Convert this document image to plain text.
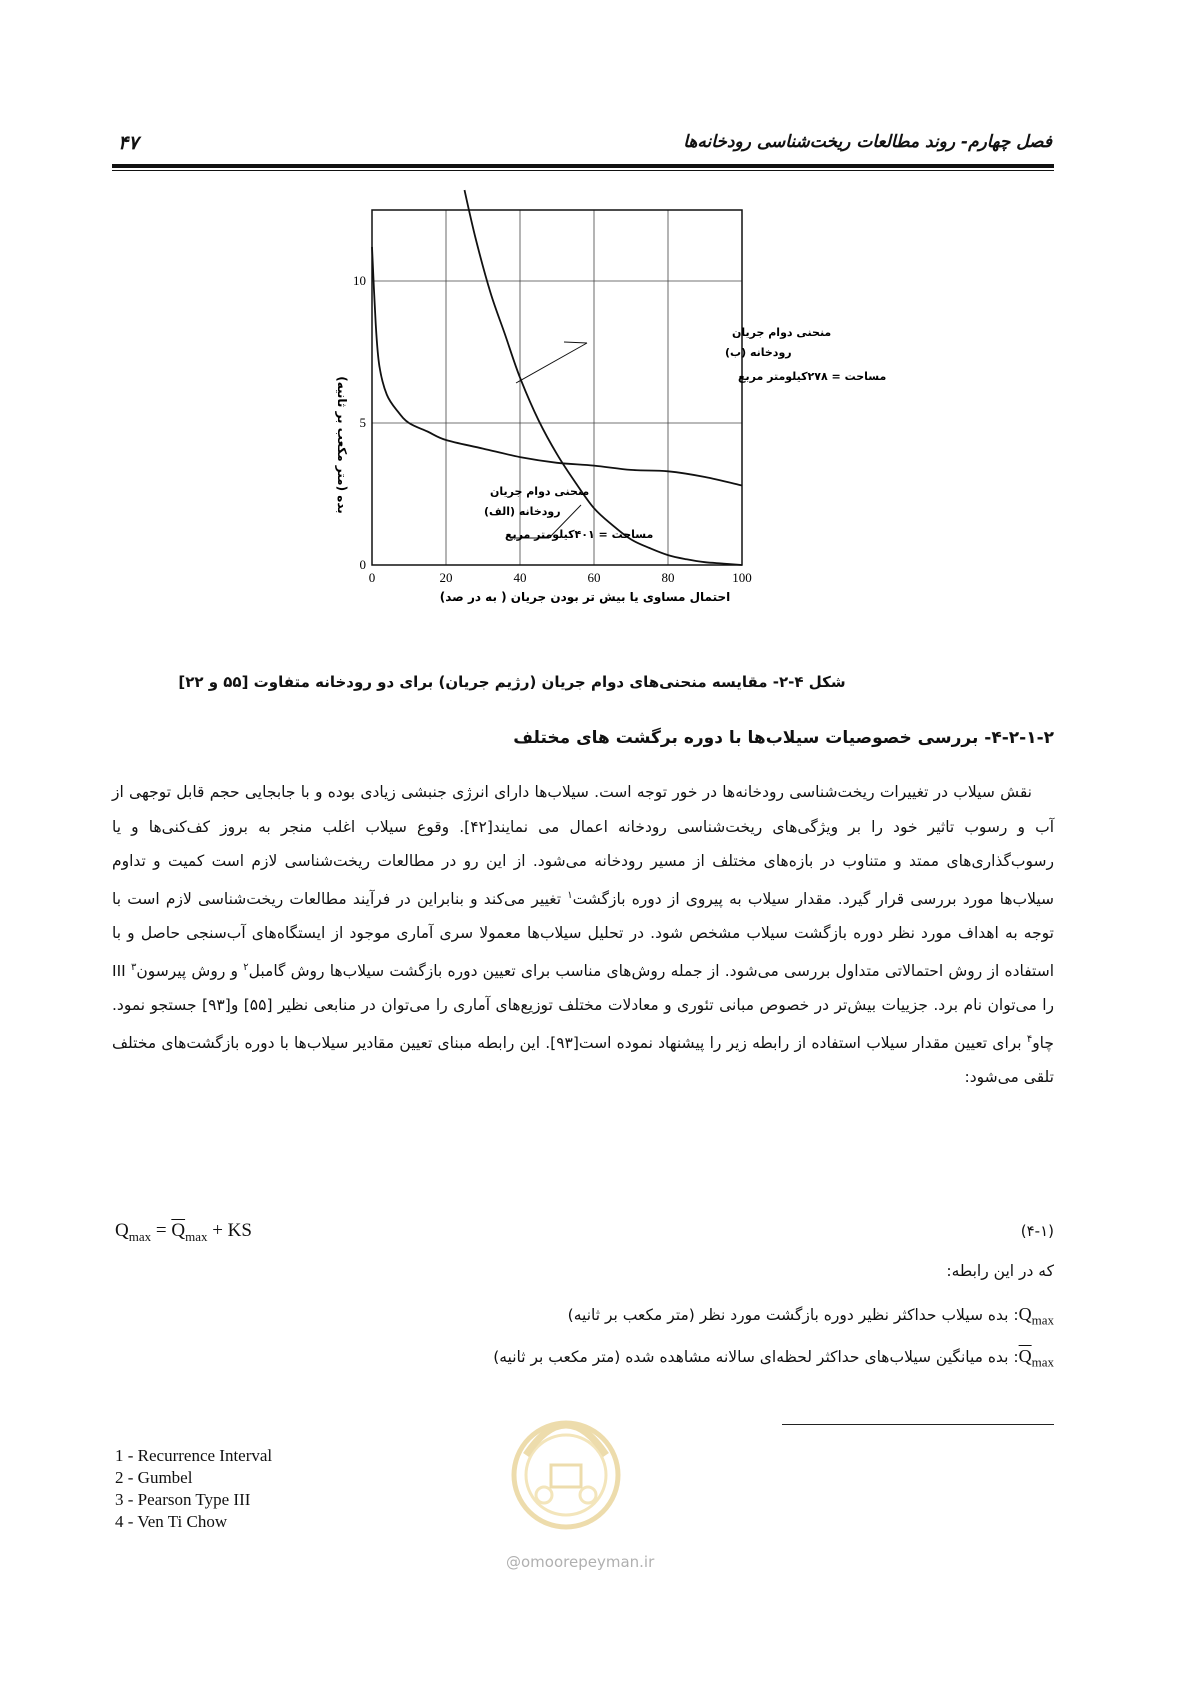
۴۷	فصل چهارم- روند مطالعات ریخت‌شناسی رودخانه‌ها
0	20	40	60	80	100
0
5
10
بده (متر مکعب بر ثانیه)
احتمال مساوی یا بیش تر بودن جریان ( به در صد)
منحنی دوام جریان
رودخانه (ب)
مساحت = ۲۷۸کیلومتر مربع
منحنی دوام جریان
رودخانه (الف)
مساحت = ۴۰۱کیلومتر مربع
شکل ۴-۲- مقایسه منحنی‌های دوام جریان (رژیم جریان) برای دو رودخانه متفاوت [۵۵ و ۲۲]
۴-۲-۱-۲- بررسی خصوصیات سیلاب‌ها با دوره برگشت های مختلف

نقش سیلاب در تغییرات ریخت‌شناسی رودخانه‌ها در خور توجه است. سیلاب‌ها دارای انرژی جنبشی زیادی بوده و با جابجایی حجم قابل توجهی از آب و رسوب تاثیر خود را بر ویژگی‌های ریخت‌شناسی رودخانه اعمال می نمایند[۴۲]. وقوع سیلاب اغلب منجر به بروز کف‌کنی‌ها و یا رسوب‌گذاری‌های ممتد و متناوب در بازه‌های مختلف از مسیر رودخانه می‌شود. از این رو در مطالعات ریخت‌شناسی لازم است کمیت و تداوم سیلاب‌ها مورد بررسی قرار گیرد. مقدار سیلاب به پیروی از دوره بازگشت$^۱$ تغییر می‌کند و بنابراین در فرآیند مطالعات ریخت‌شناسی لازم است با توجه به اهداف مورد نظر دوره بازگشت سیلاب مشخص شود. در تحلیل سیلاب‌ها معمولا سری آماری موجود از ایستگاه‌های آب‌سنجی حاصل و با استفاده از روش احتمالاتی متداول بررسی می‌شود. از جمله روش‌های مناسب برای تعیین دوره بازگشت سیلاب‌ها روش گامبل$^۲$ و روش پیرسون$^۳$ III را می‌توان نام برد. جزییات بیش‌تر در خصوص مبانی تئوری و معادلات مختلف توزیع‌های آماری را می‌توان در منابعی نظیر [۵۵] و[۹۳] جستجو نمود. چاو$^۴$ برای تعیین مقدار سیلاب استفاده از رابطه زیر را پیشنهاد نموده است[۹۳]. این رابطه مبنای تعیین مقادیر سیلاب‌ها با دوره بازگشت‌های مختلف تلقی می‌شود:

$Q_{max} = \overline{Q}_{max}$ + KS	(۴-۱)
که در این رابطه:
$Q_{max}$: بده سیلاب حداکثر نظیر دوره بازگشت مورد نظر (متر مکعب بر ثانیه)
$\overline{Q}_{max}$: بده میانگین سیلاب‌های حداکثر لحظه‌ای سالانه مشاهده شده (متر مکعب بر ثانیه)
1 - Recurrence Interval
2 - Gumbel
3 - Pearson Type III
4 - Ven Ti Chow
@omoorepeyman.ir
